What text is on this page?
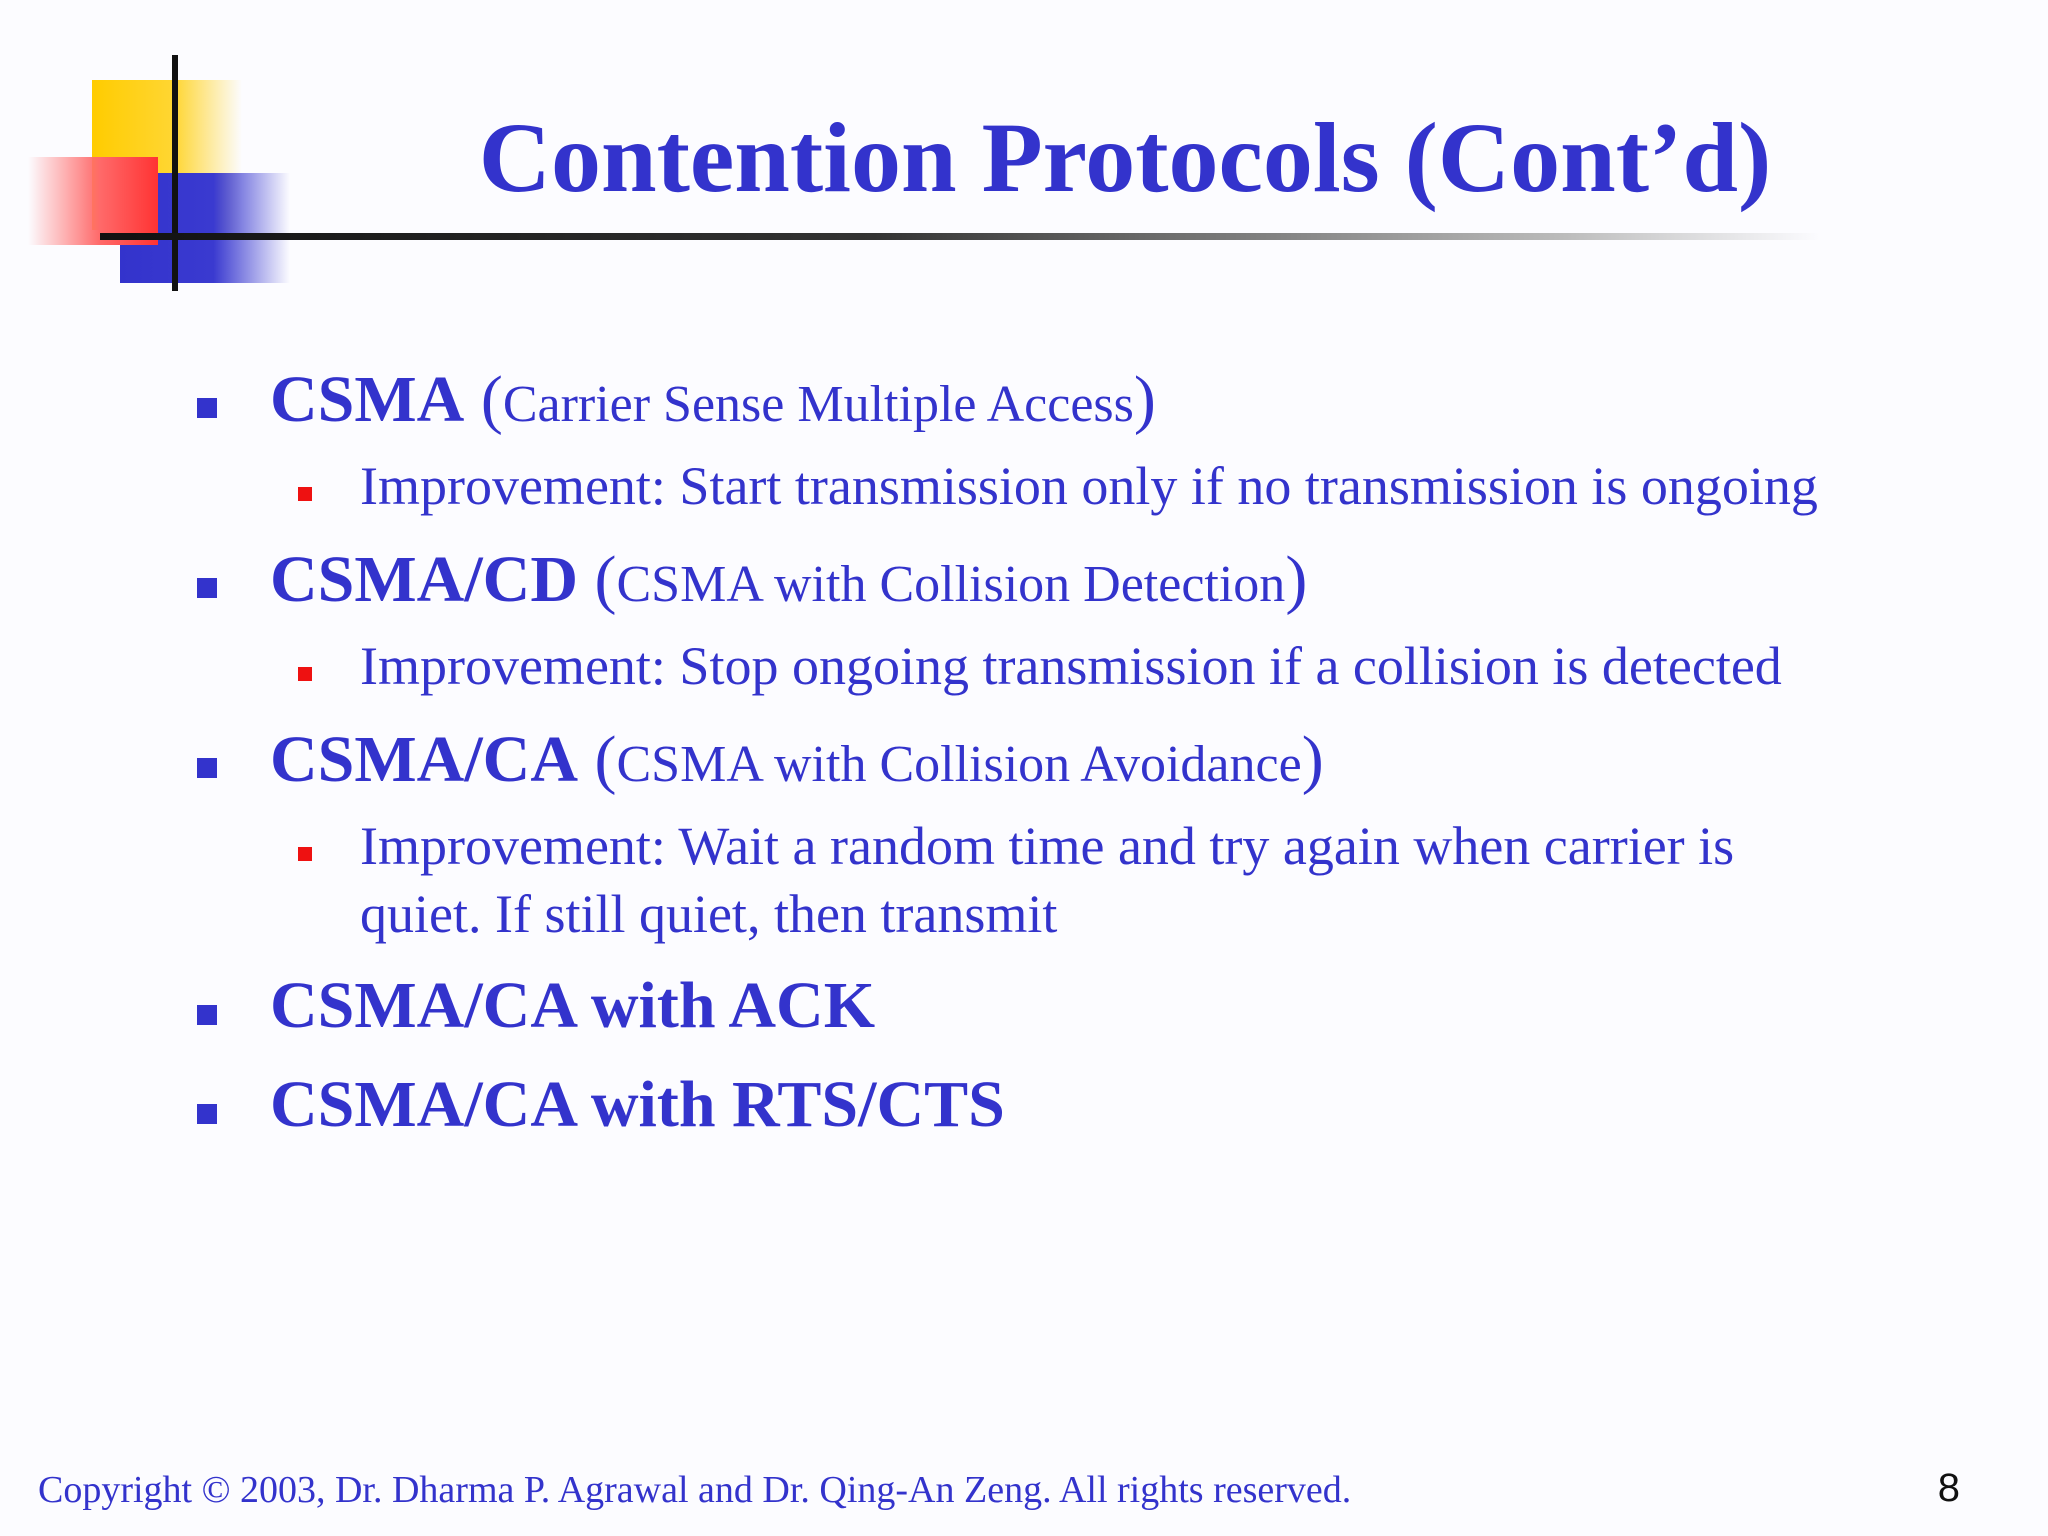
Contention Protocols (Cont’d)
CSMA (Carrier Sense Multiple Access)
Improvement: Start transmission only if no transmission is ongoing
CSMA/CD (CSMA with Collision Detection)
Improvement: Stop ongoing transmission if a collision is detected
CSMA/CA (CSMA with Collision Avoidance)
Improvement: Wait a random time and try again when carrier is
quiet. If still quiet, then transmit
CSMA/CA with ACK
CSMA/CA with RTS/CTS
Copyright © 2003, Dr. Dharma P. Agrawal and Dr. Qing-An Zeng. All rights reserved.	8
